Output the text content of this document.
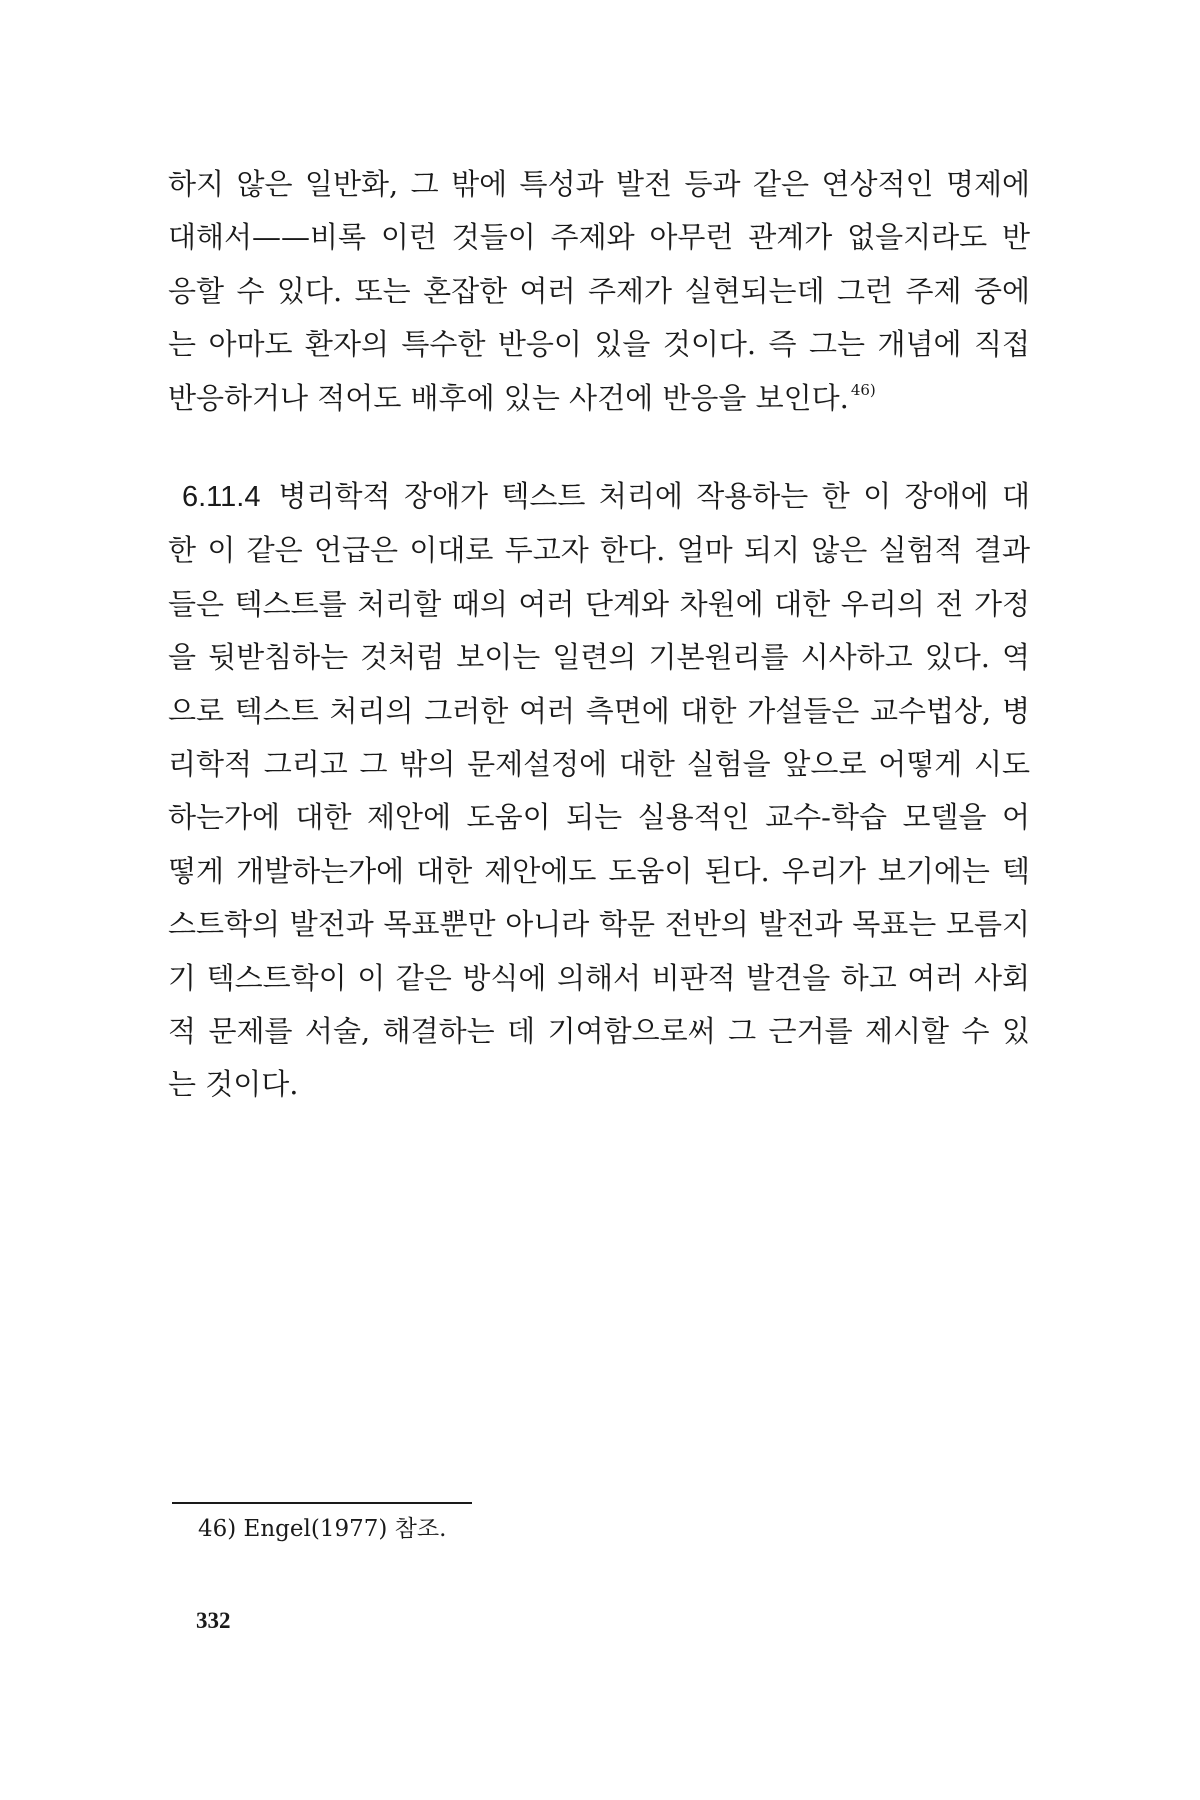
하지 않은 일반화, 그 밖에 특성과 발전 등과 같은 연상적인 명제에
대해서——비록 이런 것들이 주제와 아무런 관계가 없을지라도 반
응할 수 있다. 또는 혼잡한 여러 주제가 실현되는데 그런 주제 중에
는 아마도 환자의 특수한 반응이 있을 것이다. 즉 그는 개념에 직접
반응하거나 적어도 배후에 있는 사건에 반응을 보인다. $^{46)}$
6.11.4 병리학적 장애가 텍스트 처리에 작용하는 한 이 장애에 대
한 이 같은 언급은 이대로 두고자 한다. 얼마 되지 않은 실험적 결과
들은 텍스트를 처리할 때의 여러 단계와 차원에 대한 우리의 전 가정
을 뒷받침하는 것처럼 보이는 일련의 기본원리를 시사하고 있다. 역
으로 텍스트 처리의 그러한 여러 측면에 대한 가설들은 교수법상, 병
리학적 그리고 그 밖의 문제설정에 대한 실험을 앞으로 어떻게 시도
하는가에 대한 제안에 도움이 되는 실용적인 교수-학습 모델을 어
떻게 개발하는가에 대한 제안에도 도움이 된다. 우리가 보기에는 텍
스트학의 발전과 목표뿐만 아니라 학문 전반의 발전과 목표는 모름지
기 텍스트학이 이 같은 방식에 의해서 비판적 발견을 하고 여러 사회
적 문제를 서술, 해결하는 데 기여함으로써 그 근거를 제시할 수 있
는 것이다.
46) Engel(1977) 참조.
332
